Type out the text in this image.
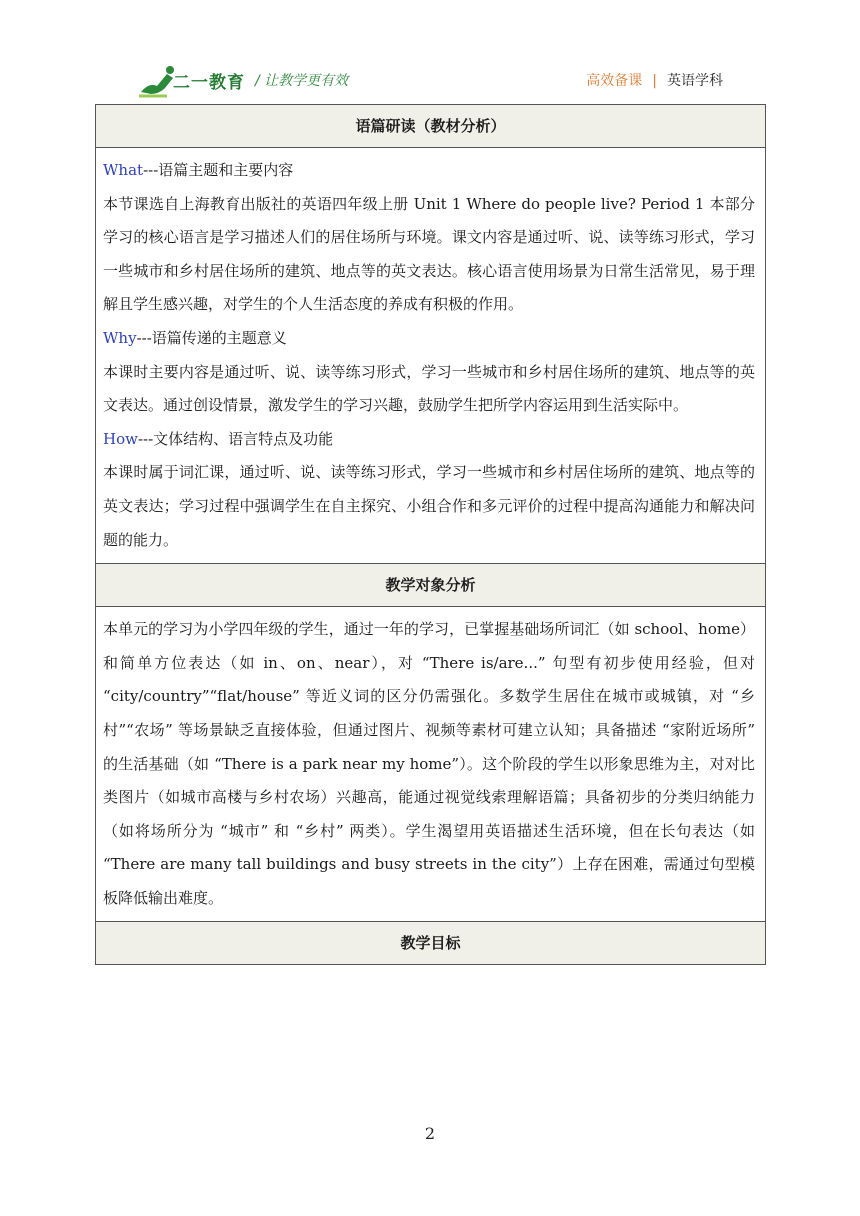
二一教育 / 让教学更有效	高效备课 | 英语学科
语篇研读（教材分析）

What---语篇主题和主要内容

本节课选自上海教育出版社的英语四年级上册 Unit 1 Where do people live? Period 1 本部分学习的核心语言是学习描述人们的居住场所与环境。课文内容是通过听、说、读等练习形式，学习一些城市和乡村居住场所的建筑、地点等的英文表达。核心语言使用场景为日常生活常见，易于理解且学生感兴趣，对学生的个人生活态度的养成有积极的作用。

Why---语篇传递的主题意义

本课时主要内容是通过听、说、读等练习形式，学习一些城市和乡村居住场所的建筑、地点等的英文表达。通过创设情景，激发学生的学习兴趣，鼓励学生把所学内容运用到生活实际中。

How---文体结构、语言特点及功能

本课时属于词汇课，通过听、说、读等练习形式，学习一些城市和乡村居住场所的建筑、地点等的英文表达；学习过程中强调学生在自主探究、小组合作和多元评价的过程中提高沟通能力和解决问题的能力。

教学对象分析

本单元的学习为小学四年级的学生，通过一年的学习，已掌握基础场所词汇（如 school、home）和简单方位表达（如 in、on、near），对 “There is/are...” 句型有初步使用经验，但对 “city/country”“flat/house” 等近义词的区分仍需强化。多数学生居住在城市或城镇，对 “乡村”“农场” 等场景缺乏直接体验，但通过图片、视频等素材可建立认知；具备描述 “家附近场所” 的生活基础（如 “There is a park near my home”）。这个阶段的学生以形象思维为主，对对比类图片（如城市高楼与乡村农场）兴趣高，能通过视觉线索理解语篇；具备初步的分类归纳能力（如将场所分为 “城市” 和 “乡村” 两类）。学生渴望用英语描述生活环境，但在长句表达（如 “There are many tall buildings and busy streets in the city”）上存在困难，需通过句型模板降低输出难度。

教学目标
2
